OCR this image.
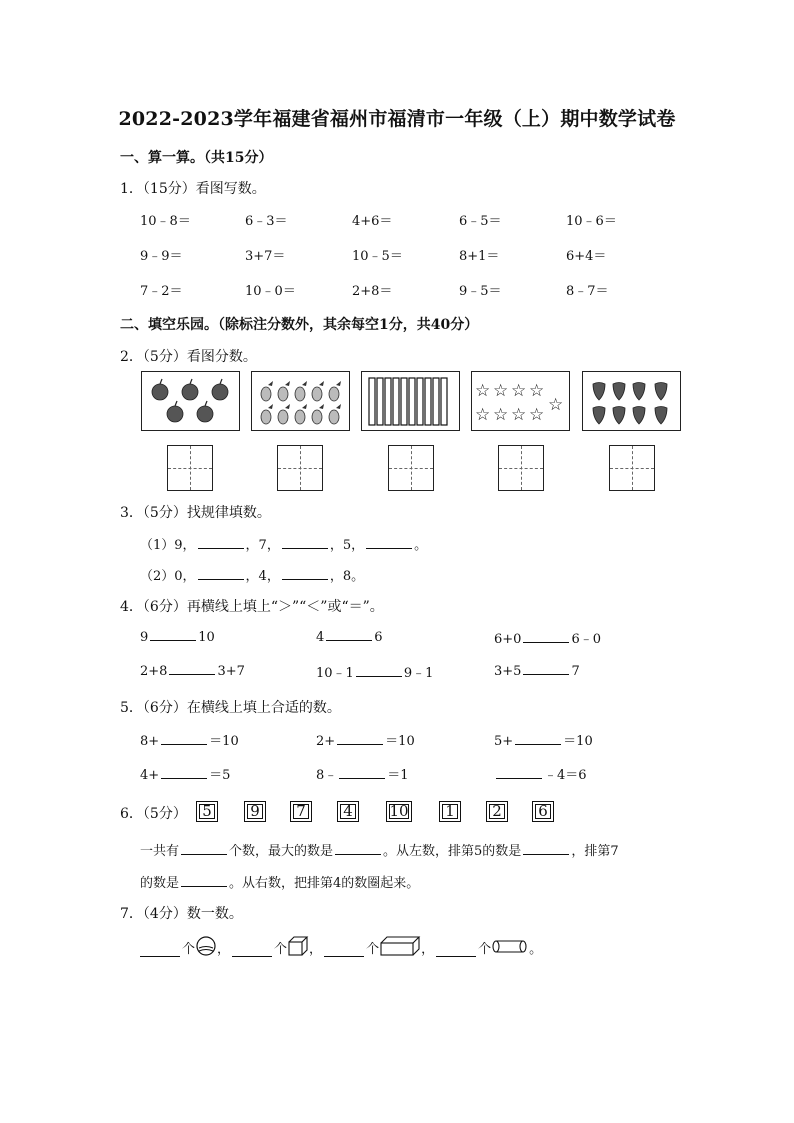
2022-2023学年福建省福州市福清市一年级（上）期中数学试卷
一、算一算。（共15分）
1．（15分）看图写数。
10﹣8＝	6﹣3＝	4+6＝	6﹣5＝	10﹣6＝
9﹣9＝	3+7＝	10﹣5＝	8+1＝	6+4＝
7﹣2＝	10﹣0＝	2+8＝	9﹣5＝	8﹣7＝
二、填空乐园。（除标注分数外，其余每空1分，共40分）
2．（5分）看图分数。
☆ ☆ ☆ ☆
☆ ☆ ☆ ☆ ☆
3．（5分）找规律填数。
（1）9，	，7，	，5，	。
（2）0，	，4，	，8。
4．（6分）再横线上填上“＞”“＜”或“＝”。
9	10	4	6	6+0	6﹣0
2+8	3+7	10﹣1	9﹣1	3+5	7
5．（6分）在横线上填上合适的数。
8+	＝10	2+	＝10	5+	＝10
4+	＝5	8﹣	＝1	﹣4＝6
6．（5分）	5	9	7	4	10	1	2	6
一共有	个数，最大的数是	。从左数，排第5的数是	，排第7
的数是	。从右数，把排第4的数圈起来。
7．（4分）数一数。
个 ，	个 ，	个	，	个	。
